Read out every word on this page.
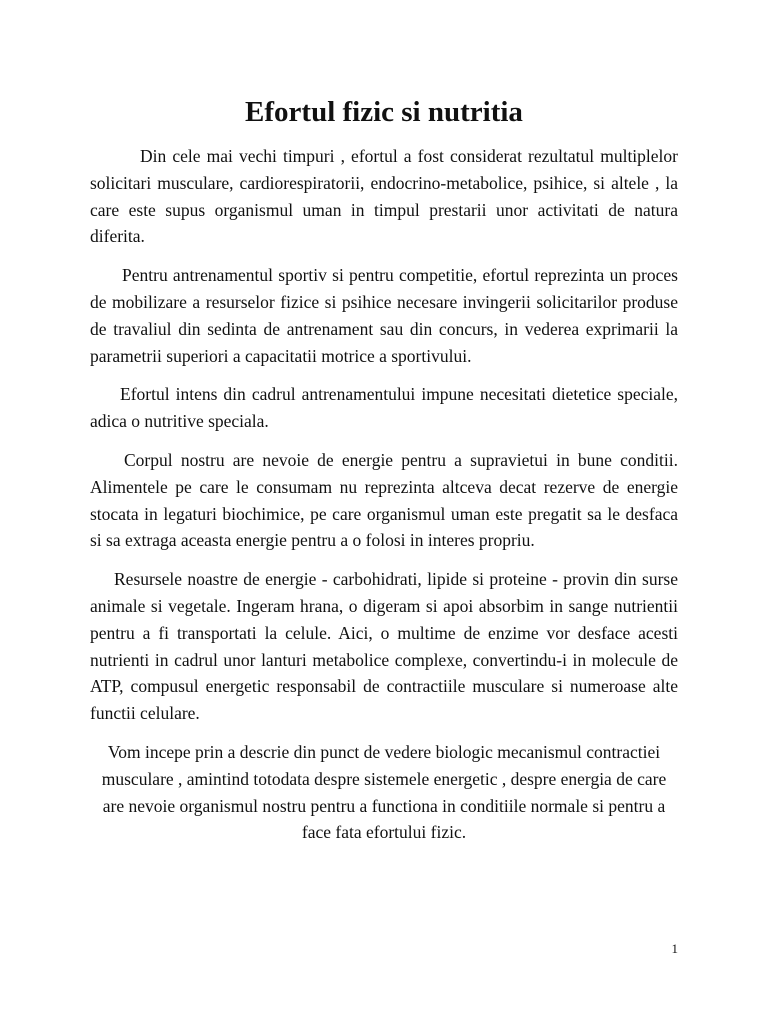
Efortul fizic si nutritia

Din cele mai vechi timpuri , efortul a fost considerat rezultatul multiplelor solicitari musculare, cardiorespiratorii, endocrino-metabolice, psihice, si altele , la care este supus organismul uman in timpul prestarii unor activitati de natura diferita.

Pentru antrenamentul sportiv si pentru competitie, efortul reprezinta un proces de mobilizare a resurselor fizice si psihice necesare invingerii solicitarilor produse de travaliul din sedinta de antrenament sau din concurs, in vederea exprimarii la parametrii superiori a capacitatii motrice a sportivului.

Efortul intens din cadrul antrenamentului impune necesitati dietetice speciale, adica o nutritive speciala.

Corpul nostru are nevoie de energie pentru a supravietui in bune conditii. Alimentele pe care le consumam nu reprezinta altceva decat rezerve de energie stocata in legaturi biochimice, pe care organismul uman este pregatit sa le desfaca si sa extraga aceasta energie pentru a o folosi in interes propriu.

Resursele noastre de energie - carbohidrati, lipide si proteine - provin din surse animale si vegetale. Ingeram hrana, o digeram si apoi absorbim in sange nutrientii pentru a fi transportati la celule. Aici, o multime de enzime vor desface acesti nutrienti in cadrul unor lanturi metabolice complexe, convertindu-i in molecule de ATP, compusul energetic responsabil de contractiile musculare si numeroase alte functii celulare.

Vom incepe prin a descrie din punct de vedere biologic mecanismul contractiei musculare , amintind totodata despre sistemele energetic , despre energia de care are nevoie organismul nostru pentru a functiona in conditiile normale si pentru a face fata efortului fizic.

1
